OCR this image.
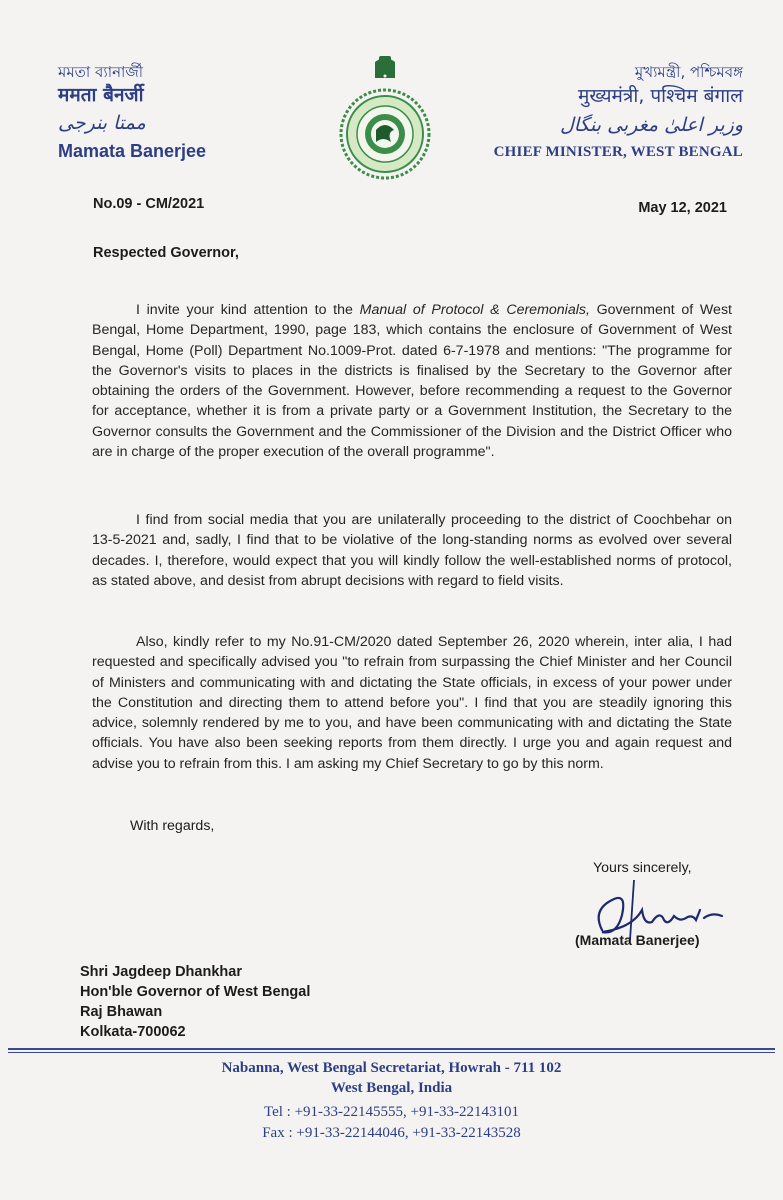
মমতা ব্যানার্জী
ममता बैनर्जी
ممتا بنرجی
Mamata Banerjee
মুখ্যমন্ত্রী, পশ্চিমবঙ্গ
मुख्यमंत्री, पश्चिम बंगाल
وزیر اعلیٰ مغربی بنگال
CHIEF MINISTER, WEST BENGAL
No.09 - CM/2021	May 12, 2021
Respected Governor,
I invite your kind attention to the Manual of Protocol & Ceremonials, Government of West Bengal, Home Department, 1990, page 183, which contains the enclosure of Government of West Bengal, Home (Poll) Department No.1009-Prot. dated 6-7-1978 and mentions: "The programme for the Governor's visits to places in the districts is finalised by the Secretary to the Governor after obtaining the orders of the Government. However, before recommending a request to the Governor for acceptance, whether it is from a private party or a Government Institution, the Secretary to the Governor consults the Government and the Commissioner of the Division and the District Officer who are in charge of the proper execution of the overall programme".
I find from social media that you are unilaterally proceeding to the district of Coochbehar on 13-5-2021 and, sadly, I find that to be violative of the long-standing norms as evolved over several decades. I, therefore, would expect that you will kindly follow the well-established norms of protocol, as stated above, and desist from abrupt decisions with regard to field visits.
Also, kindly refer to my No.91-CM/2020 dated September 26, 2020 wherein, inter alia, I had requested and specifically advised you "to refrain from surpassing the Chief Minister and her Council of Ministers and communicating with and dictating the State officials, in excess of your power under the Constitution and directing them to attend before you". I find that you are steadily ignoring this advice, solemnly rendered by me to you, and have been communicating with and dictating the State officials. You have also been seeking reports from them directly. I urge you and again request and advise you to refrain from this. I am asking my Chief Secretary to go by this norm.
With regards,
Yours sincerely,
(Mamata Banerjee)
Shri Jagdeep Dhankhar
Hon'ble Governor of West Bengal
Raj Bhawan
Kolkata-700062
Nabanna, West Bengal Secretariat, Howrah - 711 102
West Bengal, India
Tel : +91-33-22145555, +91-33-22143101
Fax : +91-33-22144046, +91-33-22143528
